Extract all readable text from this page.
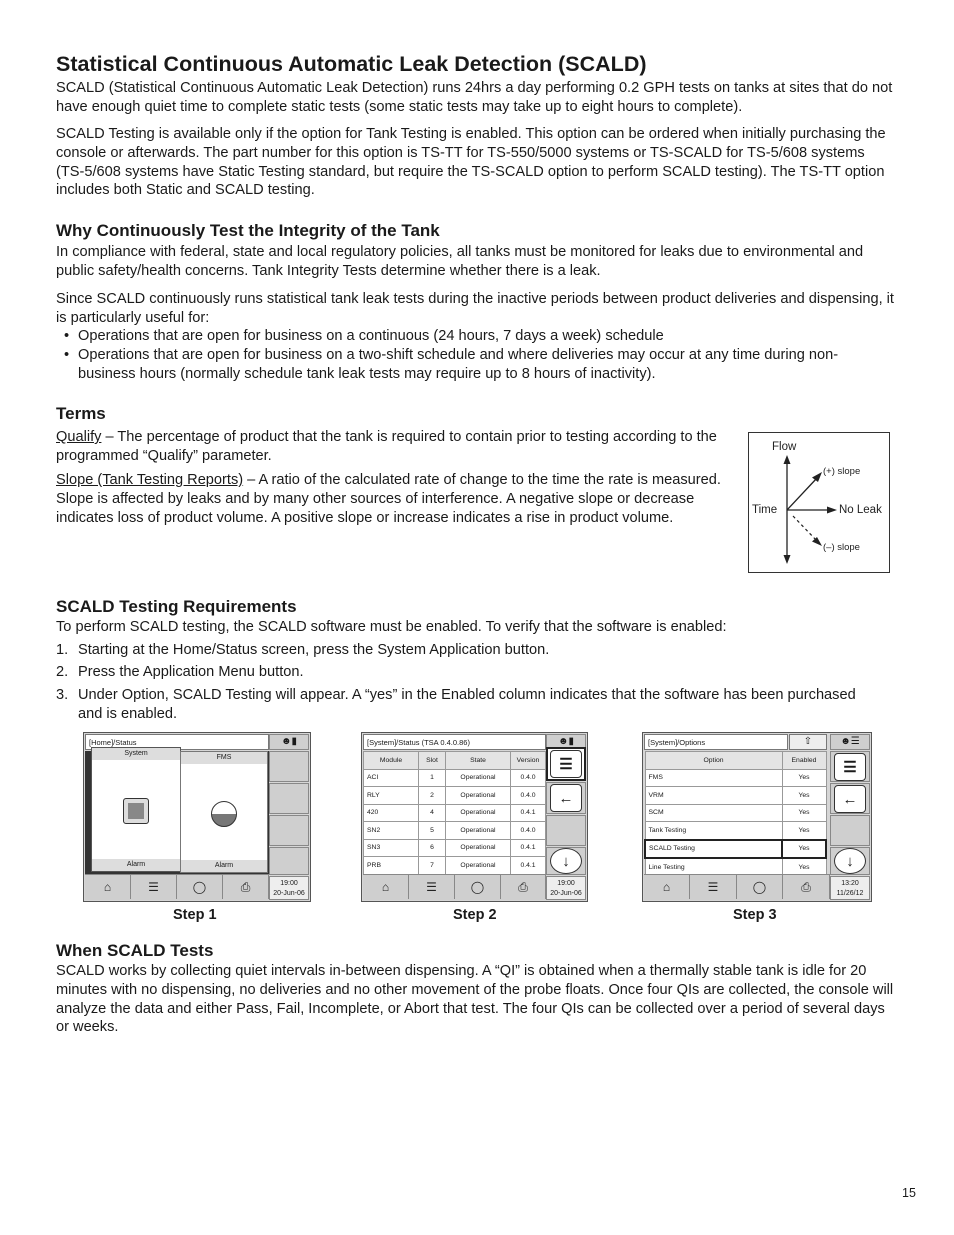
Statistical Continuous Automatic Leak Detection (SCALD)

SCALD (Statistical Continuous Automatic Leak Detection) runs 24hrs a day performing 0.2 GPH tests on tanks at sites that do not have enough quiet time to complete static tests (some static tests may take up to eight hours to complete).

SCALD Testing is available only if the option for Tank Testing is enabled. This option can be ordered when initially purchasing the console or afterwards. The part number for this option is TS-TT for TS-550/5000 systems or TS-SCALD for TS-5/608 systems (TS-5/608 systems have Static Testing standard, but require the TS-SCALD option to perform SCALD testing). The TS-TT option includes both Static and SCALD testing.

Why Continuously Test the Integrity of the Tank

In compliance with federal, state and local regulatory policies, all tanks must be monitored for leaks due to environmental and public safety/health concerns. Tank Integrity Tests determine whether there is a leak.

Since SCALD continuously runs statistical tank leak tests during the inactive periods between product deliveries and dispensing, it is particularly useful for:

• Operations that are open for business on a continuous (24 hours, 7 days a week) schedule
• Operations that are open for business on a two-shift schedule and where deliveries may occur at any time during non-business hours (normally schedule tank leak tests may require up to 8 hours of inactivity).
Terms

Qualify – The percentage of product that the tank is required to contain prior to testing according to the programmed “Qualify” parameter.

Slope (Tank Testing Reports) – A ratio of the calculated rate of change to the time the rate is measured. Slope is affected by leaks and by many other sources of interference. A negative slope or decrease indicates loss of product volume. A positive slope or increase indicates a rise in product volume.

Flow
(+) slope
Time	No Leak
(–) slope
SCALD Testing Requirements

To perform SCALD testing, the SCALD software must be enabled. To verify that the software is enabled:

1. Starting at the Home/Status screen, press the System Application button.
2. Press the Application Menu button.
3. Under Option, SCALD Testing will appear. A “yes” in the Enabled column indicates that the software has been purchased and is enabled.
[Home]/Status
System
Alarm
FMS
Alarm
☻▮
⌂	☰	◯	⎙	19:00
20-Jun-06
[System]/Status (TSA 0.4.0.86)
Module	Slot	State	Version
ACI	1	Operational	0.4.0
RLY	2	Operational	0.4.0
420	4	Operational	0.4.1
SN2	5	Operational	0.4.0
SN3	6	Operational	0.4.1
PRB	7	Operational	0.4.1
☻▮
☰
←
↓
⌂	☰	◯	⎙	19:00
20-Jun-06
[System]/Options	⇧
Option	Enabled
FMS	Yes
VRM	Yes
SCM	Yes
Tank Testing	Yes
SCALD Testing	Yes
Line Testing	Yes
☻☰
☰
←
↓
⌂	☰	◯	⎙	13:20
11/26/12
Step 1	Step 2	Step 3
When SCALD Tests

SCALD works by collecting quiet intervals in-between dispensing. A “QI” is obtained when a thermally stable tank is idle for 20 minutes with no dispensing, no deliveries and no other movement of the probe floats. Once four QIs are collected, the console will analyze the data and either Pass, Fail, Incomplete, or Abort that test. The four QIs can be collected over a period of several days or weeks.

15
